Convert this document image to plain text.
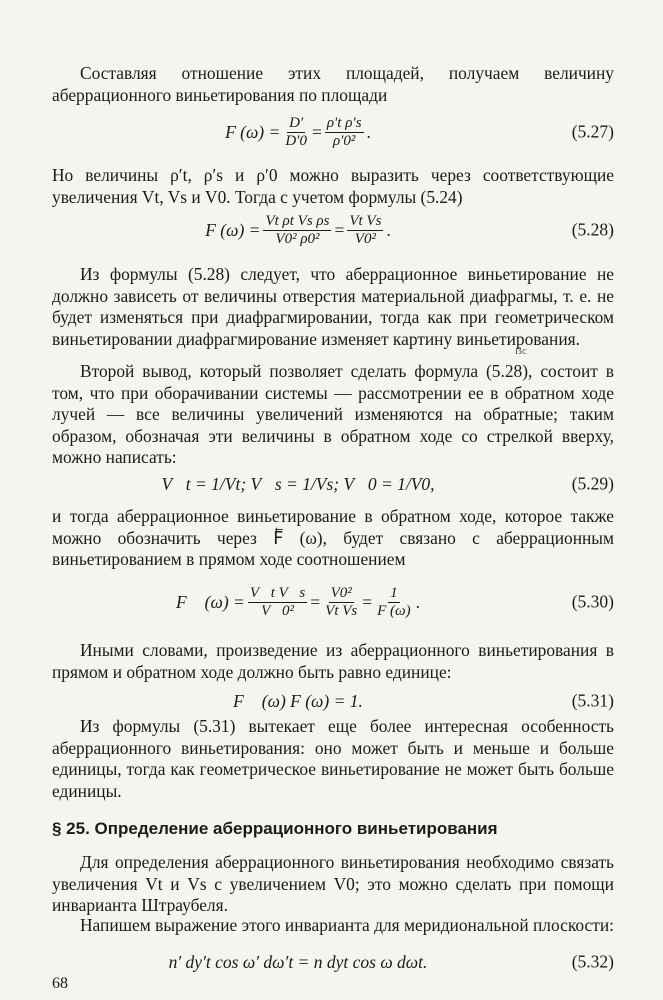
Составляя отношение этих площадей, получаем величину аберрационного виньетирования по площади

F $(\omega) = \frac{D'}{D'0} = \frac{\text{ρ′t ρ′s}}{\text{ρ′0²}}$ .	(5.27)

Но величины ρ′t, ρ′s и ρ′0 можно выразить через соответствующие увеличения Vt, Vs и V0. Тогда с учетом формулы (5.24)

F $(\omega) = \frac{\text{Vt ρt Vs ρs}}{\text{V0² ρ0²}} = \frac{\text{Vt Vs}}{\text{V0²}}$ .	(5.28)

Из формулы (5.28) следует, что аберрационное виньетирование не должно зависеть от величины отверстия материальной диафрагмы, т. е. не будет изменяться при диафрагмировании, тогда как при геометрическом виньетировании диафрагмирование изменяет картину виньетирования.

ẞc

Второй вывод, который позволяет сделать формула (5.28), состоит в том, что при оборачивании системы — рассмотрении ее в обратном ходе лучей — все величины увеличений изменяются на обратные; таким образом, обозначая эти величины в обратном ходе со стрелкой вверху, можно написать:

V⃖t = 1/Vt; V⃖s = 1/Vs; V⃖0 = 1/V0,	(5.29)

и тогда аберрационное виньетирование в обратном ходе, которое также можно обозначить через F⃖ (ω), будет связано с аберрационным виньетированием в прямом ходе соотношением

F⃖ $(\omega) = \frac{\text{V⃖t V⃖s}}{\text{V⃖0²}} = \frac{\text{V0²}}{\text{Vt Vs}} = \frac{1}{F (\omega)}$ .	(5.30)

Иными словами, произведение из аберрационного виньетирования в прямом и обратном ходе должно быть равно единице:

F⃖ (ω) F (ω) = 1.	(5.31)

Из формулы (5.31) вытекает еще более интересная особенность аберрационного виньетирования: оно может быть и меньше и больше единицы, тогда как геометрическое виньетирование не может быть больше единицы.

§ 25. Определение аберрационного виньетирования

Для определения аберрационного виньетирования необходимо связать увеличения Vt и Vs с увеличением V0; это можно сделать при помощи инварианта Штраубеля.

Напишем выражение этого инварианта для меридиональной плоскости:

n′ dy′t cos ω′ dω′t = n dyt cos ω dωt.	(5.32)
68
